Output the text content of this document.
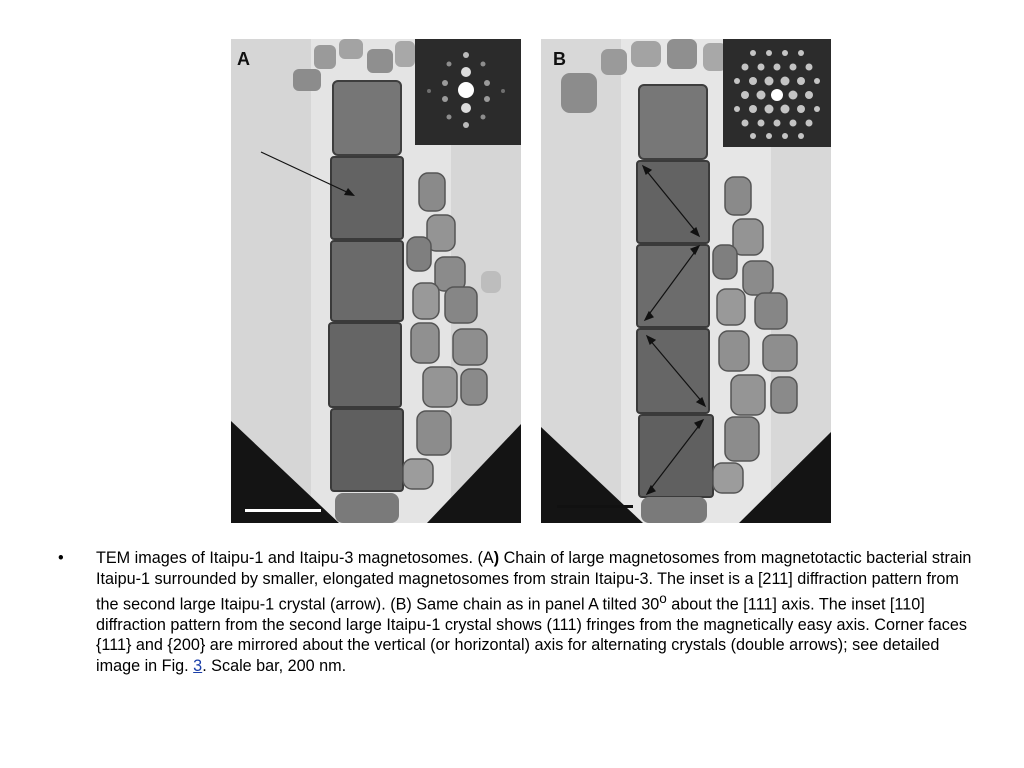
A	B
•	TEM images of Itaipu-1 and Itaipu-3 magnetosomes. (A) Chain of large magnetosomes from magnetotactic bacterial strain Itaipu-1 surrounded by smaller, elongated magnetosomes from strain Itaipu-3. The inset is a [211] diffraction pattern from the second large Itaipu-1 crystal (arrow). (B) Same chain as in panel A tilted 30$^o$ about the [111] axis. The inset [110] diffraction pattern from the second large Itaipu-1 crystal shows (111) fringes from the magnetically easy axis. Corner faces {111} and {200} are mirrored about the vertical (or horizontal) axis for alternating crystals (double arrows); see detailed image in Fig. 3. Scale bar, 200 nm.
